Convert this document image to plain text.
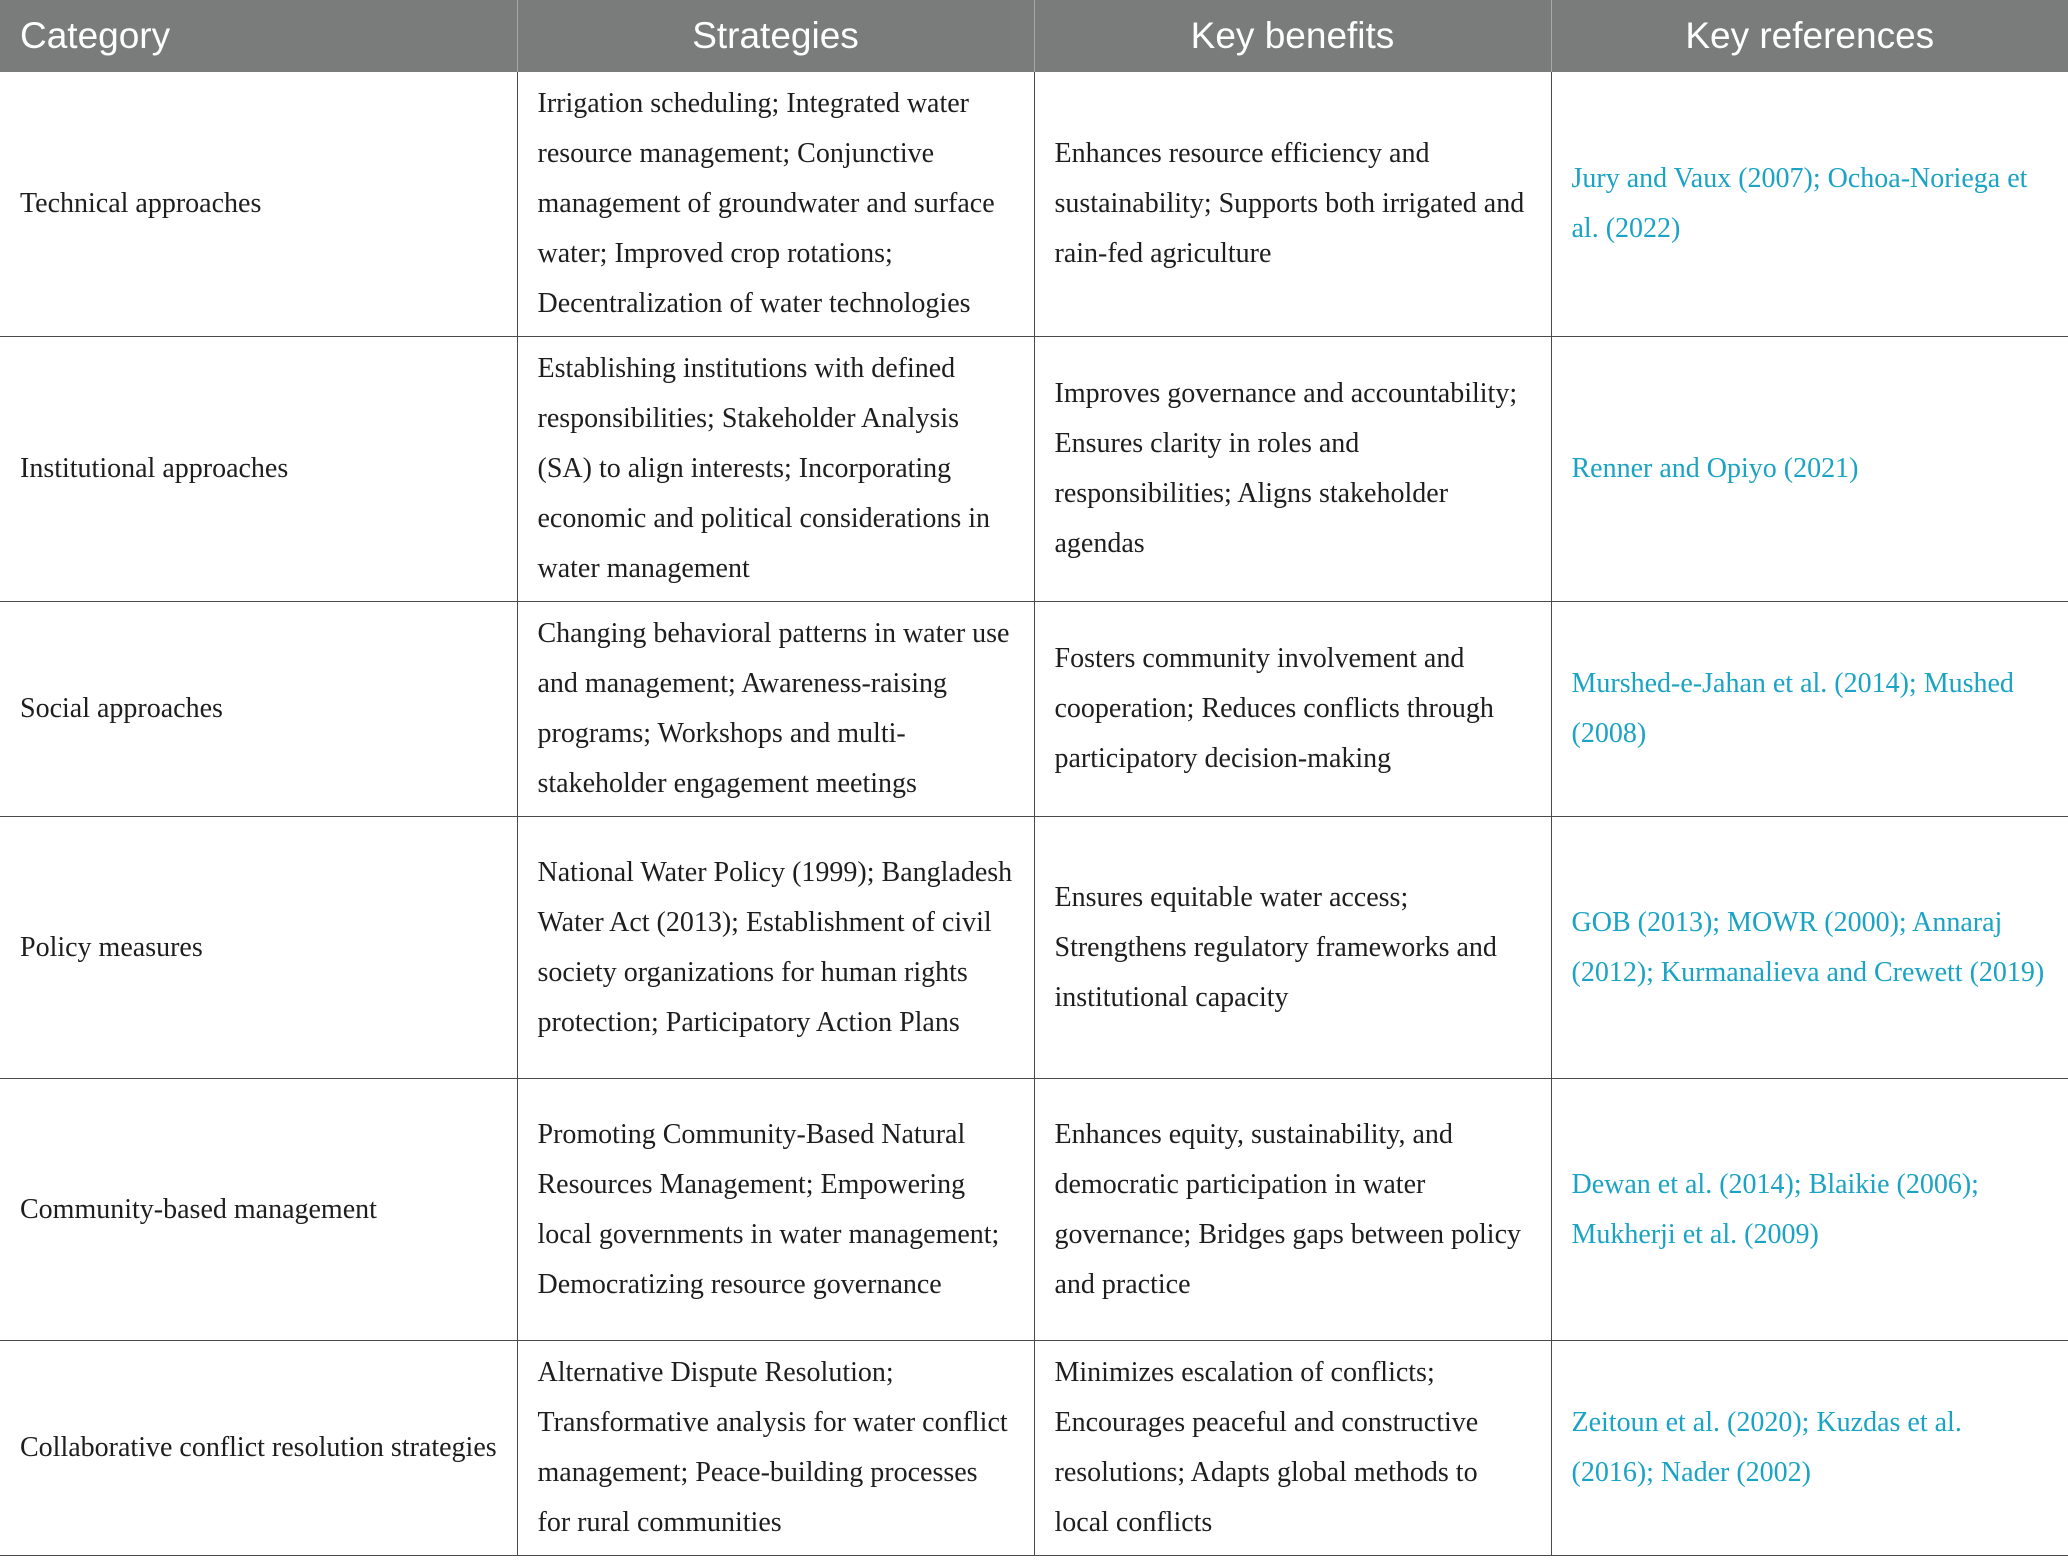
Category	Strategies	Key benefits	Key references
Technical approaches	Irrigation scheduling; Integrated water resource management; Conjunctive management of groundwater and surface water; Improved crop rotations; Decentralization of water technologies	Enhances resource efficiency and sustainability; Supports both irrigated and rain-fed agriculture	Jury and Vaux (2007); Ochoa-Noriega et al. (2022)
Institutional approaches	Establishing institutions with defined responsibilities; Stakeholder Analysis (SA) to align interests; Incorporating economic and political considerations in water management	Improves governance and accountability; Ensures clarity in roles and responsibilities; Aligns stakeholder agendas	Renner and Opiyo (2021)
Social approaches	Changing behavioral patterns in water use and management; Awareness-raising programs; Workshops and multi-stakeholder engagement meetings	Fosters community involvement and cooperation; Reduces conflicts through participatory decision-making	Murshed-e-Jahan et al. (2014); Mushed (2008)
Policy measures	National Water Policy (1999); Bangladesh Water Act (2013); Establishment of civil society organizations for human rights protection; Participatory Action Plans	Ensures equitable water access; Strengthens regulatory frameworks and institutional capacity	GOB (2013); MOWR (2000); Annaraj (2012); Kurmanalieva and Crewett (2019)
Community-based management	Promoting Community-Based Natural Resources Management; Empowering local governments in water management; Democratizing resource governance	Enhances equity, sustainability, and democratic participation in water governance; Bridges gaps between policy and practice	Dewan et al. (2014); Blaikie (2006); Mukherji et al. (2009)
Collaborative conflict resolution strategies	Alternative Dispute Resolution; Transformative analysis for water conflict management; Peace-building processes for rural communities	Minimizes escalation of conflicts; Encourages peaceful and constructive resolutions; Adapts global methods to local conflicts	Zeitoun et al. (2020); Kuzdas et al. (2016); Nader (2002)
